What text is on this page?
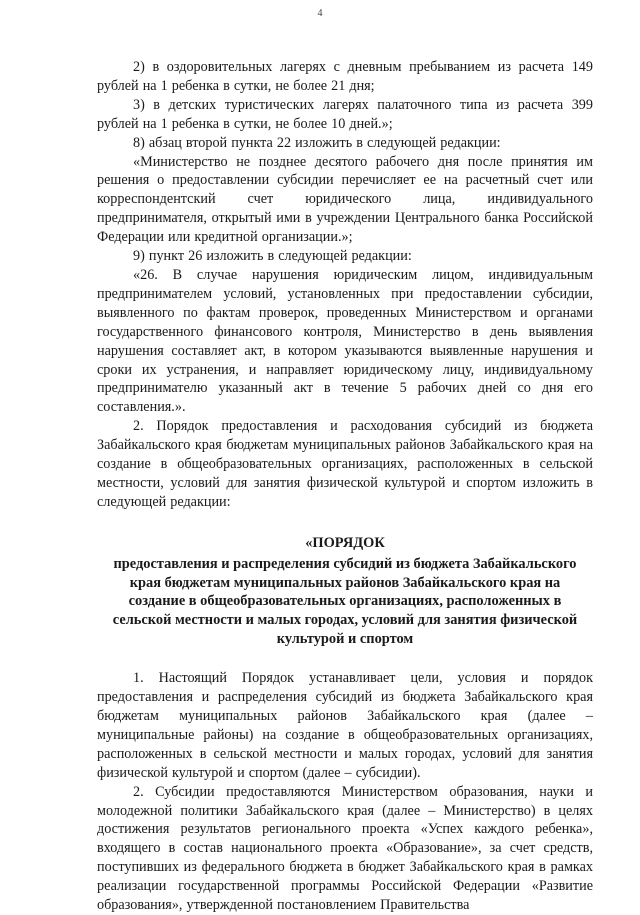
4

2) в оздоровительных лагерях с дневным пребыванием из расчета 149 рублей на 1 ребенка в сутки, не более 21 дня;

3) в детских туристических лагерях палаточного типа из расчета 399 рублей на 1 ребенка в сутки, не более 10 дней.»;

8) абзац второй пункта 22 изложить в следующей редакции:

«Министерство не позднее десятого рабочего дня после принятия им решения о предоставлении субсидии перечисляет ее на расчетный счет или корреспондентский счет юридического лица, индивидуального предпринимателя, открытый ими в учреждении Центрального банка Российской Федерации или кредитной организации.»;

9) пункт 26 изложить в следующей редакции:

«26. В случае нарушения юридическим лицом, индивидуальным предпринимателем условий, установленных при предоставлении субсидии, выявленного по фактам проверок, проведенных Министерством и органами государственного финансового контроля, Министерство в день выявления нарушения составляет акт, в котором указываются выявленные нарушения и сроки их устранения, и направляет юридическому лицу, индивидуальному предпринимателю указанный акт в течение 5 рабочих дней со дня его составления.».

2. Порядок предоставления и расходования субсидий из бюджета Забайкальского края бюджетам муниципальных районов Забайкальского края на создание в общеобразовательных организациях, расположенных в сельской местности, условий для занятия физической культурой и спортом изложить в следующей редакции:

«ПОРЯДОК

предоставления и распределения субсидий из бюджета Забайкальского края бюджетам муниципальных районов Забайкальского края на создание в общеобразовательных организациях, расположенных в сельской местности и малых городах, условий для занятия физической культурой и спортом

1. Настоящий Порядок устанавливает цели, условия и порядок предоставления и распределения субсидий из бюджета Забайкальского края бюджетам муниципальных районов Забайкальского края (далее – муниципальные районы) на создание в общеобразовательных организациях, расположенных в сельской местности и малых городах, условий для занятия физической культурой и спортом (далее – субсидии).

2. Субсидии предоставляются Министерством образования, науки и молодежной политики Забайкальского края (далее – Министерство) в целях достижения результатов регионального проекта «Успех каждого ребенка», входящего в состав национального проекта «Образование», за счет средств, поступивших из федерального бюджета в бюджет Забайкальского края в рамках реализации государственной программы Российской Федерации «Развитие образования», утвержденной постановлением Правительства
